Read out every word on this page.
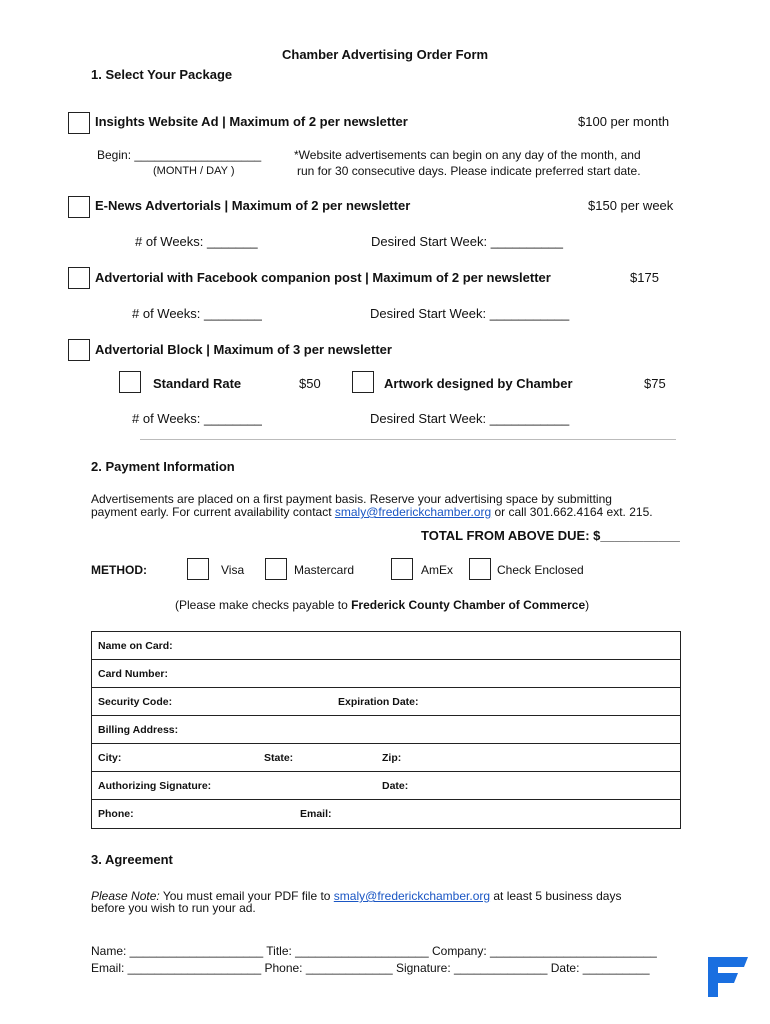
Chamber Advertising Order Form
1. Select Your Package
Insights Website Ad | Maximum of 2 per newsletter	$100 per month
Begin: ___________________
(MONTH / DAY )
*Website advertisements can begin on any day of the month, and
run for 30 consecutive days. Please indicate preferred start date.
E-News Advertorials | Maximum of 2 per newsletter	$150 per week
# of Weeks: _______	Desired Start Week: __________
Advertorial with Facebook companion post | Maximum of 2 per newsletter	$175
# of Weeks: ________	Desired Start Week: ___________
Advertorial Block | Maximum of 3 per newsletter
Standard Rate	$50	Artwork designed by Chamber	$75
# of Weeks: ________	Desired Start Week: ___________
2. Payment Information
Advertisements are placed on a first payment basis. Reserve your advertising space by submitting
payment early. For current availability contact smaly@frederickchamber.org or call 301.662.4164 ext. 215.
TOTAL FROM ABOVE DUE: $___________
METHOD:	Visa	Mastercard	AmEx	Check Enclosed
(Please make checks payable to Frederick County Chamber of Commerce)
Name on Card:
Card Number:
Security Code:	Expiration Date:
Billing Address:
City:	State:	Zip:
Authorizing Signature:	Date:
Phone:	Email:
3. Agreement
Please Note: You must email your PDF file to smaly@frederickchamber.org at least 5 business days
before you wish to run your ad.
Name: ____________________ Title: ____________________ Company: _________________________
Email: ____________________ Phone: _____________ Signature: ______________ Date: __________
